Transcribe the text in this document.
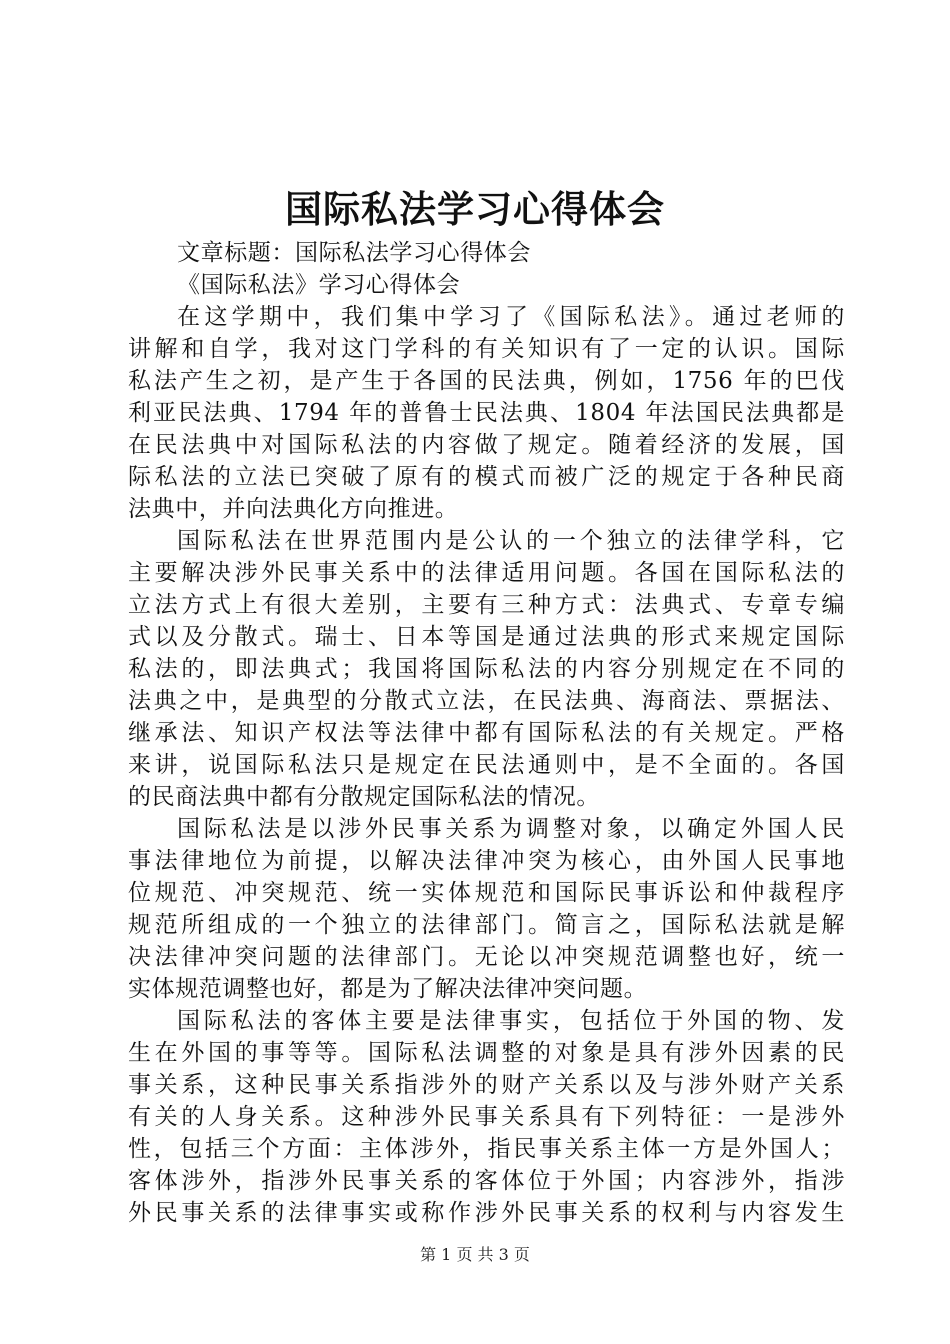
国际私法学习心得体会
文章标题：国际私法学习心得体会
《国际私法》学习心得体会
在这学期中，我们集中学习了《国际私法》。通过老师的
讲解和自学，我对这门学科的有关知识有了一定的认识。国际
私法产生之初，是产生于各国的民法典，例如，1756 年的巴伐
利亚民法典、1794 年的普鲁士民法典、1804 年法国民法典都是
在民法典中对国际私法的内容做了规定。随着经济的发展，国
际私法的立法已突破了原有的模式而被广泛的规定于各种民商
法典中，并向法典化方向推进。
国际私法在世界范围内是公认的一个独立的法律学科，它
主要解决涉外民事关系中的法律适用问题。各国在国际私法的
立法方式上有很大差别，主要有三种方式：法典式、专章专编
式以及分散式。瑞士、日本等国是通过法典的形式来规定国际
私法的，即法典式；我国将国际私法的内容分别规定在不同的
法典之中，是典型的分散式立法，在民法典、海商法、票据法、
继承法、知识产权法等法律中都有国际私法的有关规定。严格
来讲，说国际私法只是规定在民法通则中，是不全面的。各国
的民商法典中都有分散规定国际私法的情况。
国际私法是以涉外民事关系为调整对象，以确定外国人民
事法律地位为前提，以解决法律冲突为核心，由外国人民事地
位规范、冲突规范、统一实体规范和国际民事诉讼和仲裁程序
规范所组成的一个独立的法律部门。简言之，国际私法就是解
决法律冲突问题的法律部门。无论以冲突规范调整也好，统一
实体规范调整也好，都是为了解决法律冲突问题。
国际私法的客体主要是法律事实，包括位于外国的物、发
生在外国的事等等。国际私法调整的对象是具有涉外因素的民
事关系，这种民事关系指涉外的财产关系以及与涉外财产关系
有关的人身关系。这种涉外民事关系具有下列特征：一是涉外
性，包括三个方面：主体涉外，指民事关系主体一方是外国人；
客体涉外，指涉外民事关系的客体位于外国；内容涉外，指涉
外民事关系的法律事实或称作涉外民事关系的权利与内容发生
第 1 页 共 3 页
